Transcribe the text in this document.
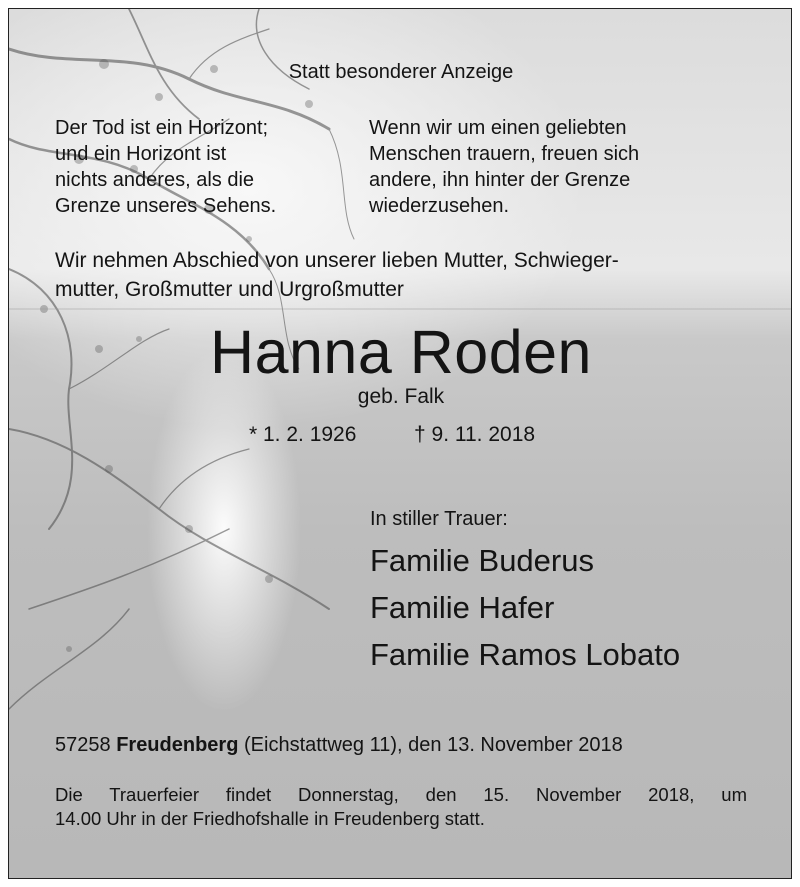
Statt besonderer Anzeige

Der Tod ist ein Horizont;
und ein Horizont ist
nichts anderes, als die
Grenze unseres Sehens.
Wenn wir um einen geliebten
Menschen trauern, freuen sich
andere, ihn hinter der Grenze
wiederzusehen.
Wir nehmen Abschied von unserer lieben Mutter, Schwieger-
mutter, Großmutter und Urgroßmutter

Hanna Roden

geb. Falk

* 1. 2. 1926	† 9. 11. 2018

In stiller Trauer:

Familie Buderus

Familie Hafer

Familie Ramos Lobato

57258 Freudenberg (Eichstattweg 11), den 13. November 2018

Die Trauerfeier findet Donnerstag, den 15. November 2018, um
14.00 Uhr in der Friedhofshalle in Freudenberg statt.
